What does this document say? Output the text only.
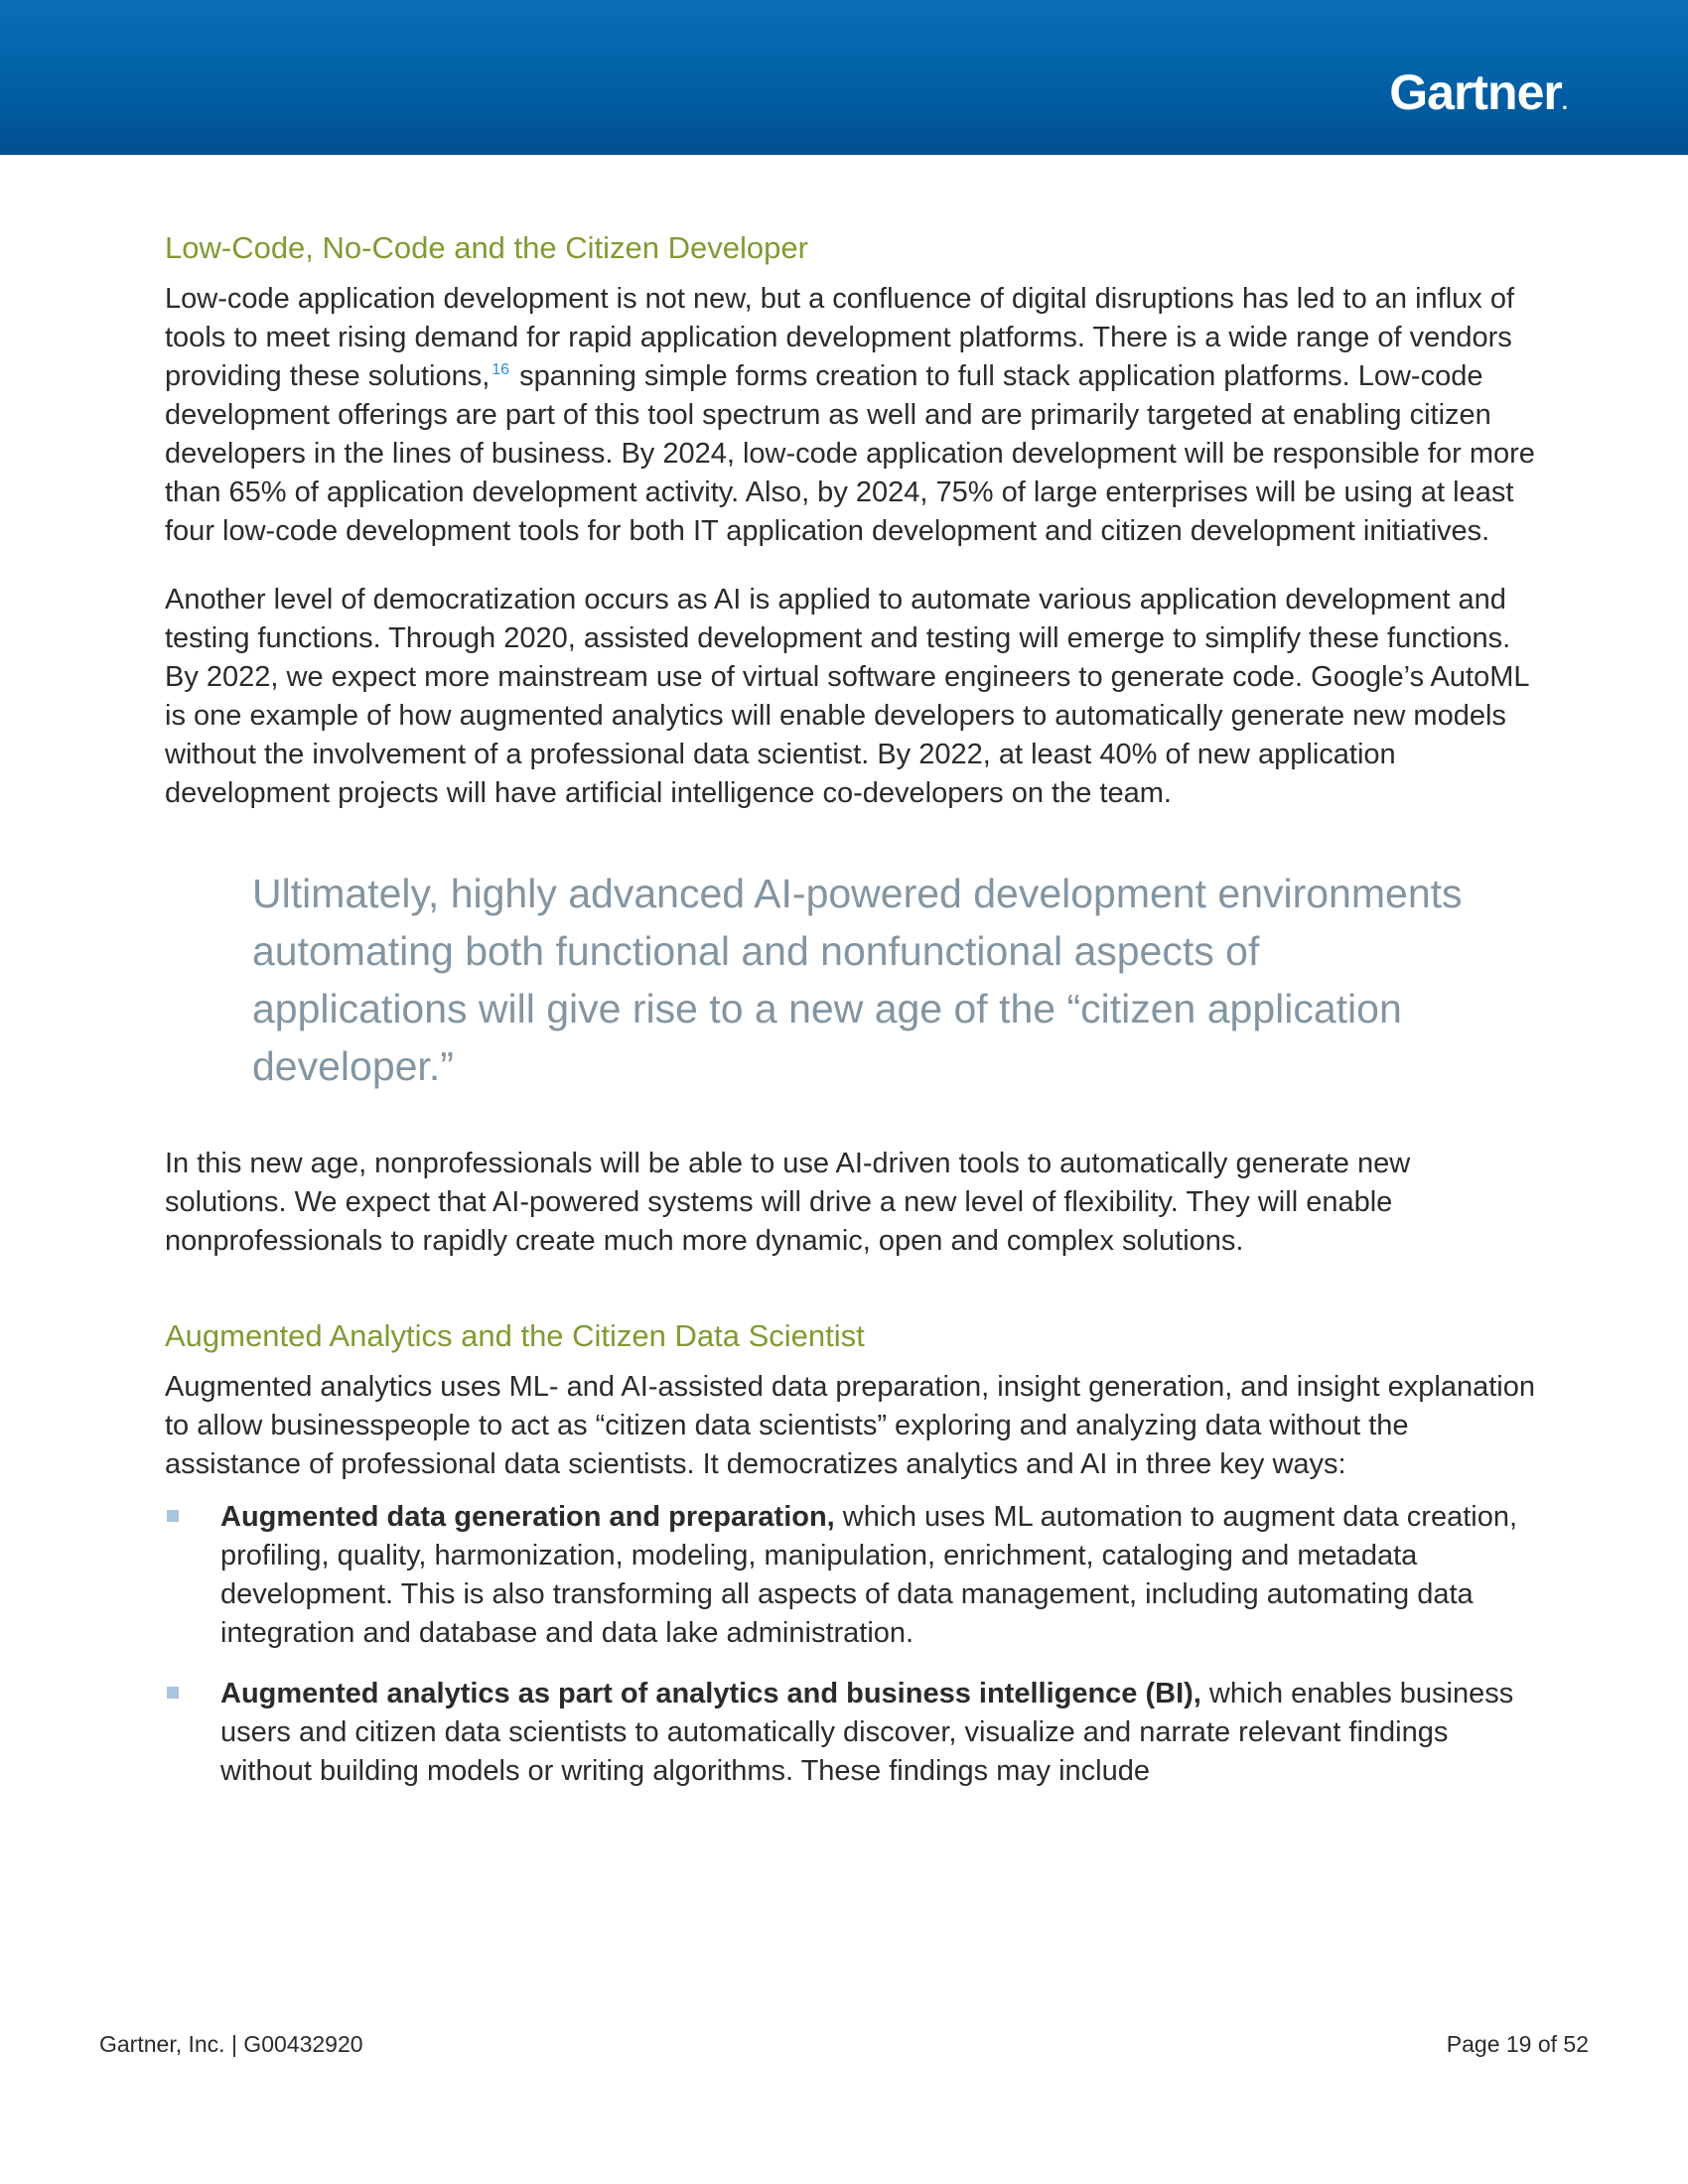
Gartner.
Low-Code, No-Code and the Citizen Developer

Low-code application development is not new, but a confluence of digital disruptions has led to an influx of tools to meet rising demand for rapid application development platforms. There is a wide range of vendors providing these solutions, $^{16}$ spanning simple forms creation to full stack application platforms. Low-code development offerings are part of this tool spectrum as well and are primarily targeted at enabling citizen developers in the lines of business. By 2024, low-code application development will be responsible for more than 65% of application development activity. Also, by 2024, 75% of large enterprises will be using at least four low-code development tools for both IT application development and citizen development initiatives.

Another level of democratization occurs as AI is applied to automate various application development and testing functions. Through 2020, assisted development and testing will emerge to simplify these functions. By 2022, we expect more mainstream use of virtual software engineers to generate code. Google’s AutoML is one example of how augmented analytics will enable developers to automatically generate new models without the involvement of a professional data scientist. By 2022, at least 40% of new application development projects will have artificial intelligence co-developers on the team.

Ultimately, highly advanced AI-powered development environments automating both functional and nonfunctional aspects of applications will give rise to a new age of the “citizen application developer.”

In this new age, nonprofessionals will be able to use AI-driven tools to automatically generate new solutions. We expect that AI-powered systems will drive a new level of flexibility. They will enable nonprofessionals to rapidly create much more dynamic, open and complex solutions.

Augmented Analytics and the Citizen Data Scientist

Augmented analytics uses ML- and AI-assisted data preparation, insight generation, and insight explanation to allow businesspeople to act as “citizen data scientists” exploring and analyzing data without the assistance of professional data scientists. It democratizes analytics and AI in three key ways:

Augmented data generation and preparation, which uses ML automation to augment data creation, profiling, quality, harmonization, modeling, manipulation, enrichment, cataloging and metadata development. This is also transforming all aspects of data management, including automating data integration and database and data lake administration.
Augmented analytics as part of analytics and business intelligence (BI), which enables business users and citizen data scientists to automatically discover, visualize and narrate relevant findings without building models or writing algorithms. These findings may include
Gartner, Inc. | G00432920	Page 19 of 52
